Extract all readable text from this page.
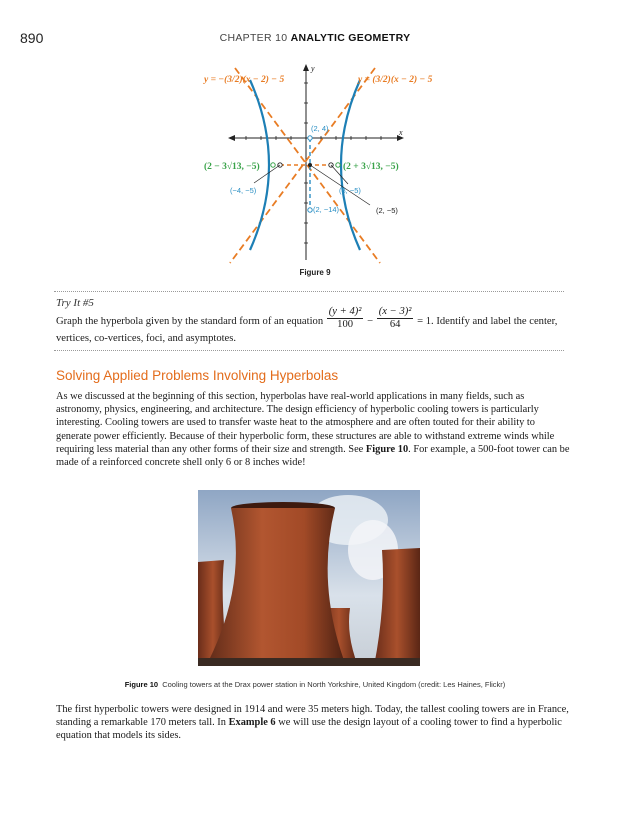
890	CHAPTER 10 ANALYTIC GEOMETRY
y
x
y = −(3/2)(x − 2) − 5	y = (3/2)(x − 2) − 5
(2, 4)
(2 − 3√13, −5)	(2 + 3√13, −5)
(−4, −5)	(8, −5)
(2, −14)	(2, −5)
Figure 9
Try It #5
Graph the hyperbola given by the standard form of an equation $\frac{\text{(y + 4)²}}{100} - \frac{\text{(x − 3)²}}{64} = 1$. Identify and label the center, vertices, co-vertices, foci, and asymptotes.
Solving Applied Problems Involving Hyperbolas

As we discussed at the beginning of this section, hyperbolas have real-world applications in many fields, such as astronomy, physics, engineering, and architecture. The design efficiency of hyperbolic cooling towers is particularly interesting. Cooling towers are used to transfer waste heat to the atmosphere and are often touted for their ability to generate power efficiently. Because of their hyperbolic form, these structures are able to withstand extreme winds while requiring less material than any other forms of their size and strength. See Figure 10. For example, a 500-foot tower can be made of a reinforced concrete shell only 6 or 8 inches wide!

Figure 10 Cooling towers at the Drax power station in North Yorkshire, United Kingdom (credit: Les Haines, Flickr)

The first hyperbolic towers were designed in 1914 and were 35 meters high. Today, the tallest cooling towers are in France, standing a remarkable 170 meters tall. In Example 6 we will use the design layout of a cooling tower to find a hyperbolic equation that models its sides.
